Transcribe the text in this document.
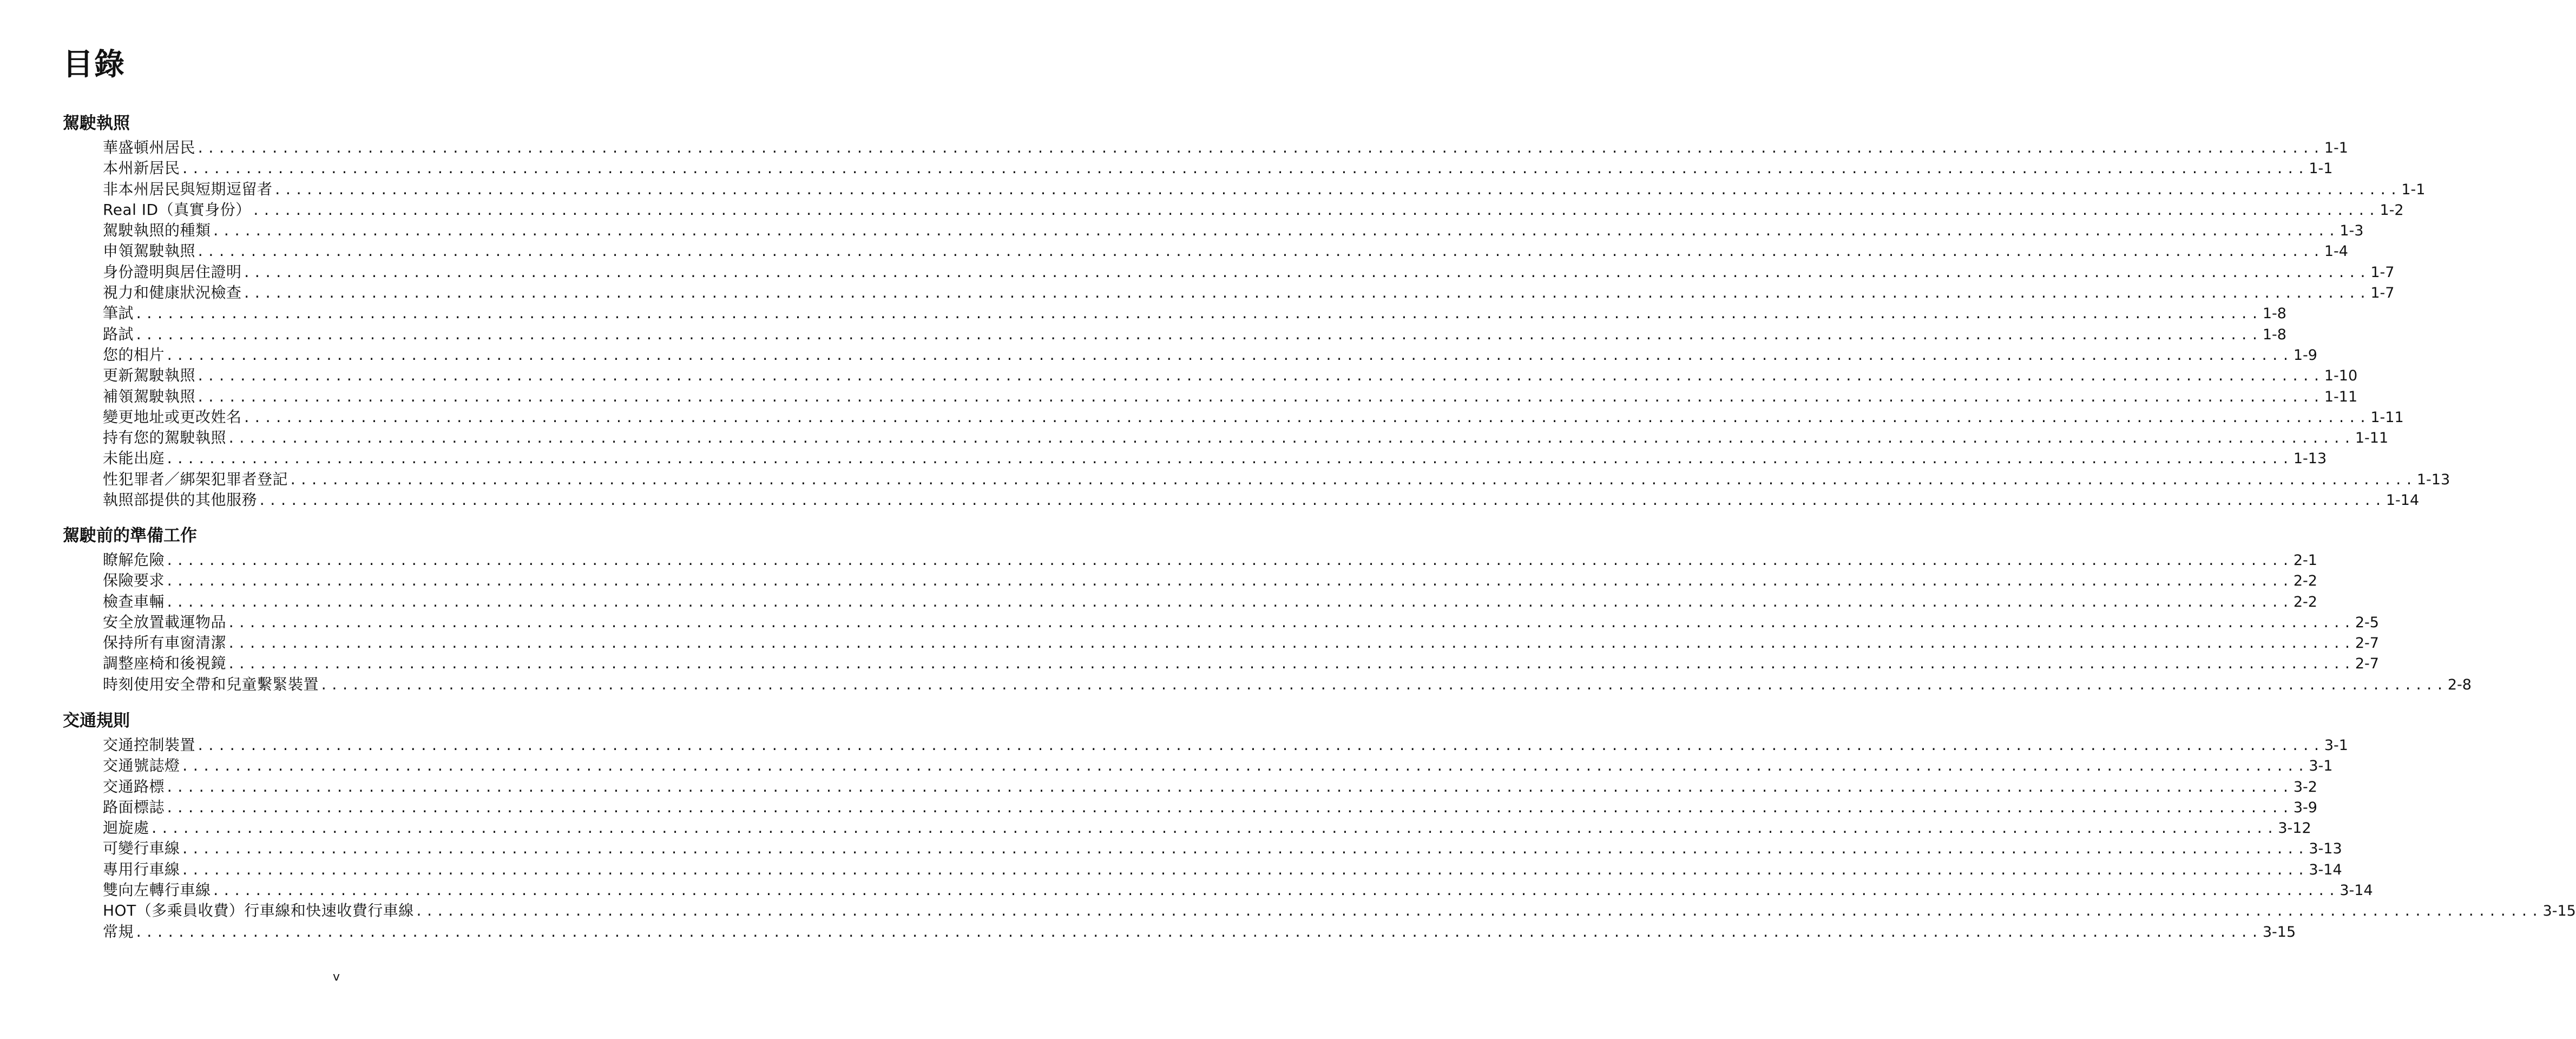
目錄
駕駛執照
華盛頓州居民 ........................................................................................................................................................................................................ 1-1
本州新居民 ........................................................................................................................................................................................................ 1-1
非本州居民與短期逗留者 ........................................................................................................................................................................................................ 1-1
Real ID（真實身份） ........................................................................................................................................................................................................ 1-2
駕駛執照的種類 ........................................................................................................................................................................................................ 1-3
申領駕駛執照 ........................................................................................................................................................................................................ 1-4
身份證明與居住證明 ........................................................................................................................................................................................................ 1-7
視力和健康狀況檢查 ........................................................................................................................................................................................................ 1-7
筆試 ........................................................................................................................................................................................................ 1-8
路試 ........................................................................................................................................................................................................ 1-8
您的相片 ........................................................................................................................................................................................................ 1-9
更新駕駛執照 ........................................................................................................................................................................................................ 1-10
補領駕駛執照 ........................................................................................................................................................................................................ 1-11
變更地址或更改姓名 ........................................................................................................................................................................................................ 1-11
持有您的駕駛執照 ........................................................................................................................................................................................................ 1-11
未能出庭 ........................................................................................................................................................................................................ 1-13
性犯罪者／綁架犯罪者登記 ........................................................................................................................................................................................................ 1-13
執照部提供的其他服務 ........................................................................................................................................................................................................ 1-14
駕駛前的準備工作
瞭解危險 ........................................................................................................................................................................................................ 2-1
保險要求 ........................................................................................................................................................................................................ 2-2
檢查車輛 ........................................................................................................................................................................................................ 2-2
安全放置載運物品 ........................................................................................................................................................................................................ 2-5
保持所有車窗清潔 ........................................................................................................................................................................................................ 2-7
調整座椅和後視鏡 ........................................................................................................................................................................................................ 2-7
時刻使用安全帶和兒童繫緊裝置 ........................................................................................................................................................................................................ 2-8
交通規則
交通控制裝置 ........................................................................................................................................................................................................ 3-1
交通號誌燈 ........................................................................................................................................................................................................ 3-1
交通路標 ........................................................................................................................................................................................................ 3-2
路面標誌 ........................................................................................................................................................................................................ 3-9
迴旋處 ........................................................................................................................................................................................................ 3-12
可變行車線 ........................................................................................................................................................................................................ 3-13
專用行車線 ........................................................................................................................................................................................................ 3-14
雙向左轉行車線 ........................................................................................................................................................................................................ 3-14
HOT（多乘員收費）行車線和快速收費行車線 ........................................................................................................................................................................................................ 3-15
常規 ........................................................................................................................................................................................................ 3-15
v
